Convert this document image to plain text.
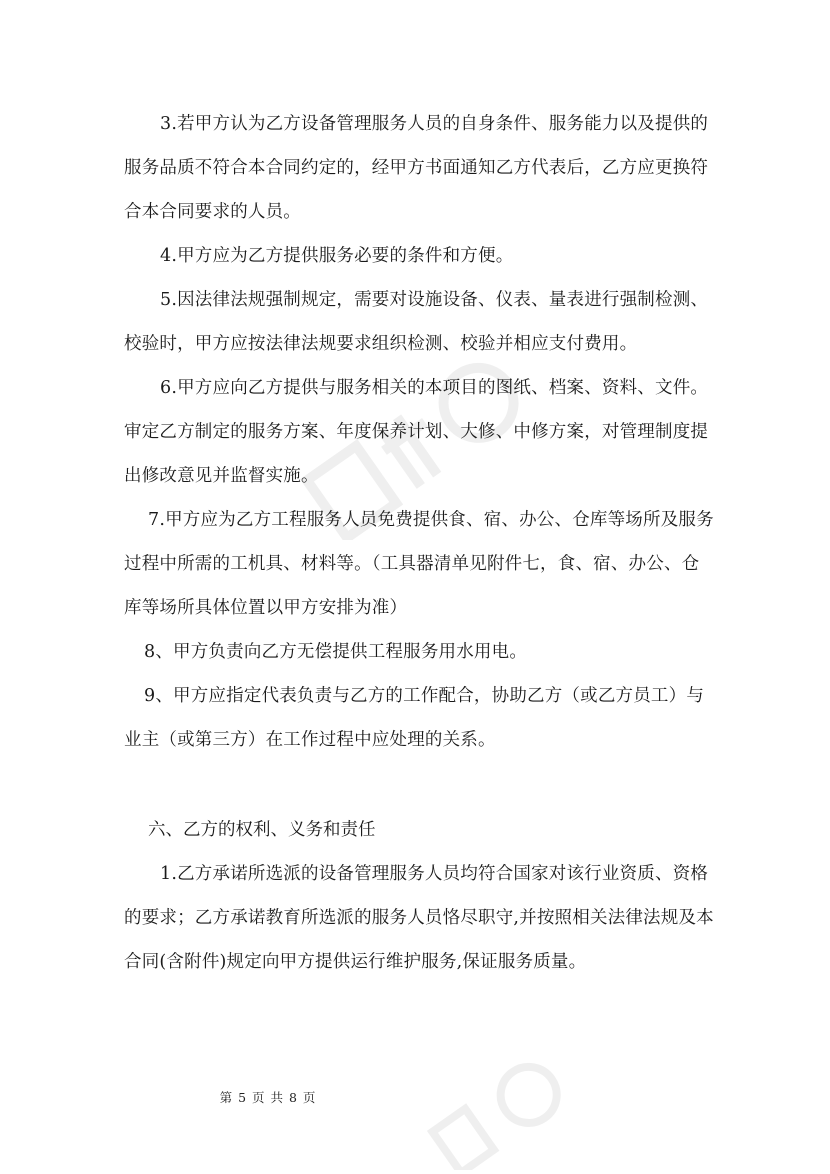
3.若甲方认为乙方设备管理服务人员的自身条件、服务能力以及提供的服务品质不符合本合同约定的，经甲方书面通知乙方代表后，乙方应更换符合本合同要求的人员。

4.甲方应为乙方提供服务必要的条件和方便。

5.因法律法规强制规定，需要对设施设备、仪表、量表进行强制检测、校验时，甲方应按法律法规要求组织检测、校验并相应支付费用。

6.甲方应向乙方提供与服务相关的本项目的图纸、档案、资料、文件。审定乙方制定的服务方案、年度保养计划、大修、中修方案，对管理制度提出修改意见并监督实施。

7.甲方应为乙方工程服务人员免费提供食、宿、办公、仓库等场所及服务过程中所需的工机具、材料等。（工具器清单见附件七，食、宿、办公、仓库等场所具体位置以甲方安排为准）

8、甲方负责向乙方无偿提供工程服务用水用电。

9、甲方应指定代表负责与乙方的工作配合，协助乙方（或乙方员工）与业主（或第三方）在工作过程中应处理的关系。

六、乙方的权利、义务和责任

1.乙方承诺所选派的设备管理服务人员均符合国家对该行业资质、资格的要求；乙方承诺教育所选派的服务人员恪尽职守,并按照相关法律法规及本合同(含附件)规定向甲方提供运行维护服务,保证服务质量。

第 5 页 共 8 页
